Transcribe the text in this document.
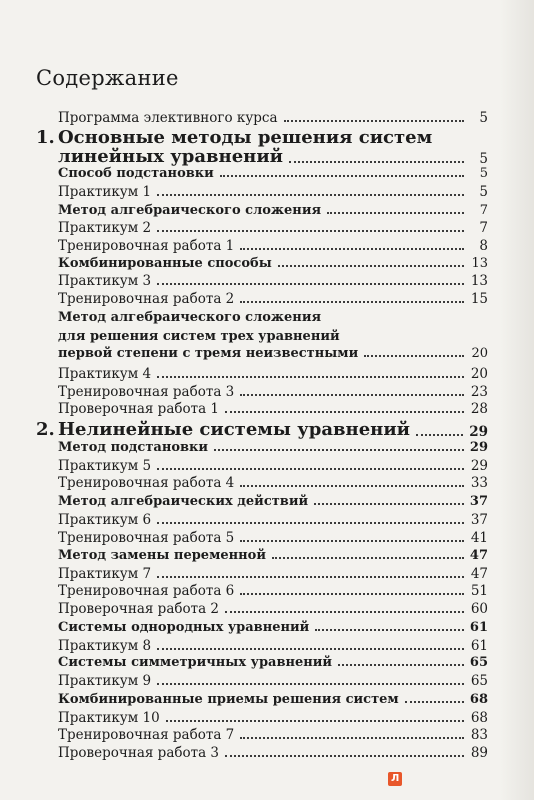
Содержание
Программа элективного курса	5
1. Основные методы решения систем
линейных уравнений	5
Способ подстановки	5
Практикум 1	5
Метод алгебраического сложения	7
Практикум 2	7
Тренировочная работа 1	8
Комбинированные способы	13
Практикум 3	13
Тренировочная работа 2	15
Метод алгебраического сложения
для решения систем трех уравнений
первой степени с тремя неизвестными	20
Практикум 4	20
Тренировочная работа 3	23
Проверочная работа 1	28
2. Нелинейные системы уравнений	29
Метод подстановки	29
Практикум 5	29
Тренировочная работа 4	33
Метод алгебраических действий	37
Практикум 6	37
Тренировочная работа 5	41
Метод замены переменной	47
Практикум 7	47
Тренировочная работа 6	51
Проверочная работа 2	60
Системы однородных уравнений	61
Практикум 8	61
Системы симметричных уравнений	65
Практикум 9	65
Комбинированные приемы решения систем	68
Практикум 10	68
Тренировочная работа 7	83
Проверочная работа 3	89
Л
